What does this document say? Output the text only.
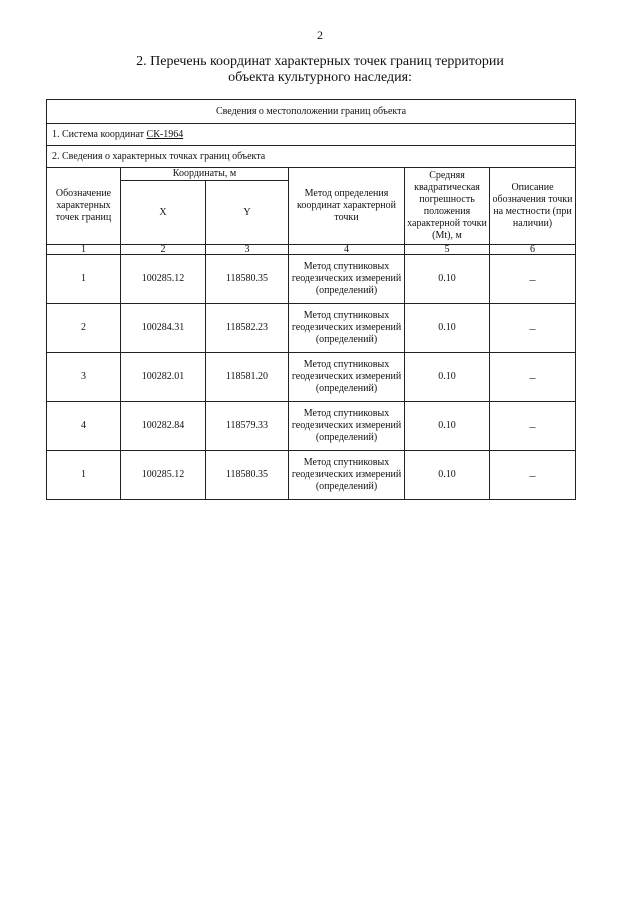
2
2. Перечень координат характерных точек границ территории
объекта культурного наследия:
Сведения о местоположении границ объекта					
1. Система координат СК-1964					
2. Сведения о характерных точках границ объекта					
Обозначение характерных точек границ	Координаты, м		Метод определения координат характерной точки	Средняя квадратическая погрешность положения характерной точки (Mt), м	Описание обозначения точки на местности (при наличии)
	X	Y			
1	2	3	4	5	6
1	100285.12	118580.35	Метод спутниковых геодезических измерений (определений)	0.10	–
2	100284.31	118582.23	Метод спутниковых геодезических измерений (определений)	0.10	–
3	100282.01	118581.20	Метод спутниковых геодезических измерений (определений)	0.10	–
4	100282.84	118579.33	Метод спутниковых геодезических измерений (определений)	0.10	–
1	100285.12	118580.35	Метод спутниковых геодезических измерений (определений)	0.10	–
